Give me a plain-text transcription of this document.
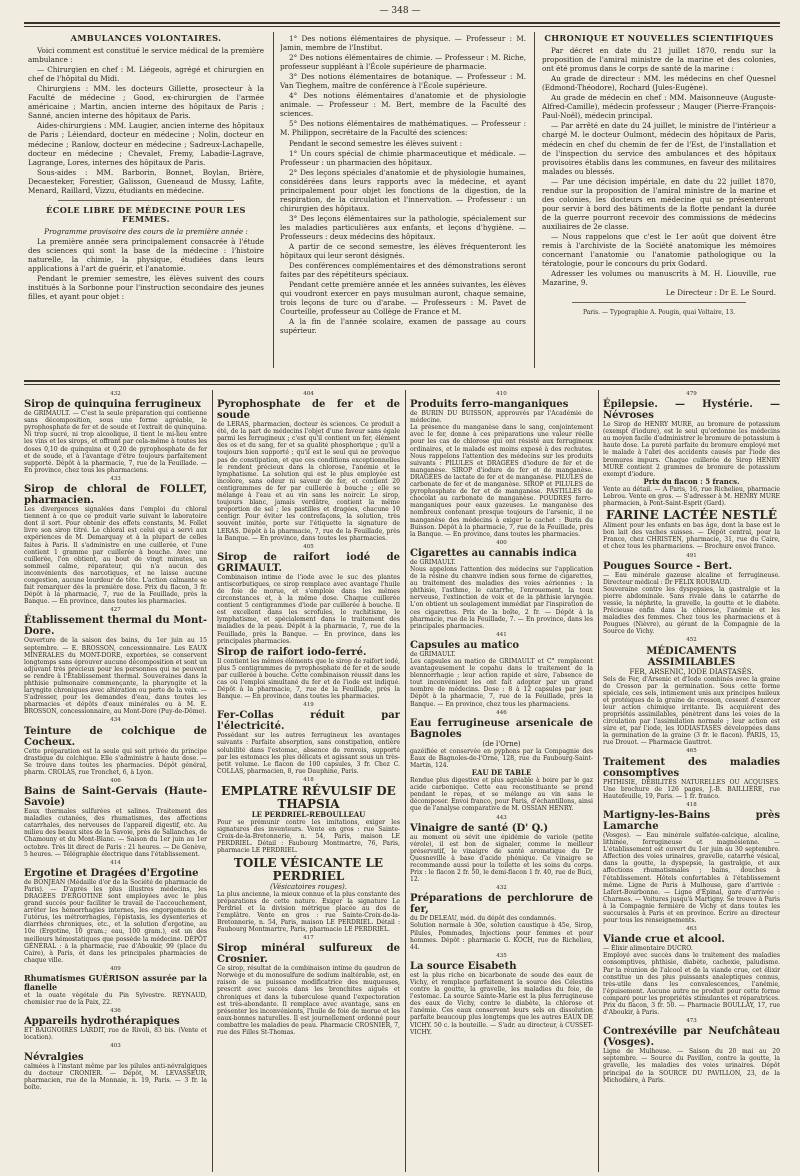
— 348 —
AMBULANCES VOLONTAIRES.

Voici comment est constitué le service médical de la première ambulance :

— Chirurgien en chef : M. Liégeois, agrégé et chirurgien en chef de l'hôpital du Midi.

Chirurgiens : MM. les docteurs Gillette, prosecteur à la Faculté de médecine ; Good, ex-chirurgien de l'armée américaine ; Martin, ancien interne des hôpitaux de Paris ; Sanné, ancien interne des hôpitaux de Paris.

Aides-chirurgiens : MM. Laugier, ancien interne des hôpitaux de Paris ; Léiendard, docteur en médecine ; Nolin, docteur en médecine ; Ranlow, docteur en médecine ; Sadreux-Lachapelle, docteur en médecine ; Chevalet, Fremy, Labadie-Lagrave, Lagrange, Lores, internes des hôpitaux de Paris.

Sous-aides : MM. Barborin, Bonnet, Boylan, Brière, Decaesteker, Forestier, Galisson, Gueneaud de Mussy, Lafite, Menard, Raillard, Vizzu, étudiants en médecine.

ÉCOLE LIBRE DE MÉDECINE POUR LES FEMMES.

Programme provisoire des cours de la première année :

La première année sera principalement consacrée à l'étude des sciences qui sont la base de la médecine : l'histoire naturelle, la chimie, la physique, étudiées dans leurs applications à l'art de guérir, et l'anatomie.

Pendant le premier semestre, les élèves suivent des cours institués à la Sorbonne pour l'instruction secondaire des jeunes filles, et ayant pour objet :

1° Des notions élémentaires de physique. — Professeur : M. Jamin, membre de l'Institut.

2° Des notions élémentaires de chimie. — Professeur : M. Riche, professeur suppléant à l'École supérieure de pharmacie.

3° Des notions élémentaires de botanique. — Professeur : M. Van Tieghem, maître de conférence à l'École supérieure.

4° Des notions élémentaires d'anatomie et de physiologie animale. — Professeur : M. Bert, membre de la Faculté des sciences.

5° Des notions élémentaires de mathématiques. — Professeur : M. Philippon, secrétaire de la Faculté des sciences:

Pendant le second semestre les élèves suivent :

1° Un cours spécial de chimie pharmaceutique et médicale. — Professeur : un pharmacien des hôpitaux.

2° Des leçons spéciales d'anatomie et de physiologie humaines, considérées dans leurs rapports avec la médecine, et ayant principalement pour objet les fonctions de la digestion, de la respiration, de la circulation et l'innervation. — Professeur : un chirurgien des hôpitaux.

3° Des leçons élémentaires sur la pathologie, spécialement sur les maladies particulières aux enfants, et leçons d'hygiène. — Professeurs : deux médecins des hôpitaux.

A partir de ce second semestre, les élèves fréquenteront les hôpitaux qui leur seront désignés.

Des conférences complémentaires et des démonstrations seront faites par des répétiteurs spéciaux.

Pendant cette première année et les années suivantes, les élèves qui voudront exercer en pays musulman auront, chaque semaine, trois leçons de turc ou d'arabe. — Professeurs : M. Pavet de Courteille, professeur au Collège de France et M.

A la fin de l'année scolaire, examen de passage au cours supérieur.

CHRONIQUE ET NOUVELLES SCIENTIFIQUES

Par décret en date du 21 juillet 1870, rendu sur la proposition de l'amiral ministre de la marine et des colonies, ont été promus dans le corps de santé de la marine :

Au grade de directeur : MM. les médecins en chef Quesnel (Edmond-Théodore), Rochard (Jules-Eugène).

Au grade de médecin en chef : MM. Maisonneuve (Auguste-Alfred-Camille), médecin professeur ; Mauger (Pierre-François-Paul-Noël), médecin principal.

— Par arrêté en date du 24 juillet, le ministre de l'intérieur a chargé M. le docteur Oulmont, médecin des hôpitaux de Paris, médecin en chef du chemin de fer de l'Est, de l'installation et de l'inspection du service des ambulances et des hôpitaux provisoires établis dans les communes, en faveur des militaires malades ou blessés.

— Par une décision impériale, en date du 22 juillet 1870, rendue sur la proposition de l'amiral ministre de la marine et des colonies, les docteurs en médecine qui se présenteront pour servir à bord des bâtiments de la flotte pendant la durée de la guerre pourront recevoir des commissions de médecins auxiliaires de 2e classe.

— Nous rappelons que c'est le 1er août que doivent être remis à l'archiviste de la Société anatomique les mémoires concernant l'anatomie ou l'anatomie pathologique ou la tératologie, pour le concours du prix Godard.

Adresser les volumes ou manuscrits à M. H. Liouville, rue Mazarine, 9.

Le Directeur : Dr E. Le Sourd.

Paris. — Typographie A. Pougin, quai Voltaire, 13.

432

Sirop de quinquina ferrugineux

de GRIMAULT. — C'est la seule préparation qui contienne sans décomposition, sous une forme agréable, le pyrophosphate de fer et de soude et l'extrait de quinquina. Ni trop sucré, ni trop alcoolique, il tient le mi-lieu entre les vins et les sirops, et offrant par cela-même à toutes les doses 0,10 de quinquina et 0,20 de pyrophosphate de fer et de soude, et à l'avantage d'être toujours parfaitement supporté. Dépôt à la pharmacie, 7, rue de la Feuillade. — En province, chez tous les pharmaciens.

433

Sirop de chloral de FOLLET, pharmacien.

Les divergences signalées dans l'emploi du chloral tiennent à ce que ce produit varie suivant le laboratoire dont il sort. Pour obtenir des effets constants, M. Follet livre son sirop titré. Le chloral est celui qui a servi aux expériences de M. Demarquay et à la plupart de celles faites à Paris. Il s'administre en une cuillerée, et l'une contient 1 gramme par cuillerée à bouche. Avec une cuillerée, l'on obtient, au bout de vingt minutes, un sommeil calme, réparateur, qui n'a aucun des inconvénients des narcotiques, et ne laisse aucune congestion, aucune lourdeur de tête. L'action calmante se fait remarquer dès la première dose. Prix du flacon, 3 fr. Dépôt à la pharmacie, 7, rue de la Feuillade, près la Banque. — En province, dans toutes les pharmacies.

427

Établissement thermal du Mont-Dore.

Ouverture de la saison des bains, du 1er juin au 15 septembre. — E. BROSSON, concessionnaire. Les EAUX MINÉRALES du MONT-DORE, exportées, se conservent longtemps sans éprouver aucune décomposition et sont un adjuvant très précieux pour les personnes qui ne peuvent se rendre à l'Établissement thermal. Souveraines dans la phthisie pulmonaire commençante, la pharyngite et la laryngite chroniques avec altération ou perte de la voix. — S'adresser, pour les demandes d'eau, dans toutes les pharmacies et dépôts d'eaux minérales ou à M. E. BROSSON, concessionnaire, au Mont-Dore (Puy-de-Dôme).

434

Teinture de colchique de Cocheux.

Cette préparation est la seule qui soit privée du principe drastique du colchique. Elle s'administre à haute dose. — Se trouve dans toutes les pharmacies. Dépôt général, pharm. CROLAS, rue Tronchet, 6, à Lyon.

406

Bains de Saint-Gervais (Haute-Savoie)

Eaux thermales sulfurées et salines. Traitement des maladies cutanées, des rhumatismes, des affections catarrhales, des nerveuses de l'appareil digestif, etc. Au milieu des beaux sites de la Savoie, près de Sallanches, de Chamouny et du Mont-Blanc. — Saison du 1er juin au 1er octobre. Très lit direct de Paris : 21 heures. — De Genève, 5 heures. — Télégraphie électrique dans l'établissement.

414

Ergotine et Dragées d'Ergotine

de BONJEAN (Médaille d'or de la Société de pharmacie de Paris). — D'après les plus illustres médecins, les DRAGÉES D'ERGOTINE sont employées avec le plus grand succès pour faciliter le travail de l'accouchement, arrêter les hémorrhagies internes, les engorgements de l'utérus, les métrorrhagies, l'épistaxis, les dysenteries et diarrhées chroniques, etc., et la solution d'ergotine, au 10e (Ergotine, 10 gram.; eau, 100 gram.), est un des meilleurs hémostatiques que possède la médecine. DÉPÔT GÉNÉRAL : à la pharmacie, rue d'Aboukir, 99 (place du Caire), à Paris, et dans les principales pharmacies de chaque ville.

409

Rhumatismes GUÉRISON assurée par la flanelle

et la ouate végétale du Pin Sylvestre. REYNAUD, chemisier rue de la Paix, 22.

436

Appareils hydrothérapiques

ET BAIGNOIRES LARDIT, rue de Rivoli, 83 bis. (Vente et location).

403

Névralgies

calmées à l'instant même par les pilules anti-névralgiques du docteur CRONIER. — Dépôt, M. LEVASSEUR, pharmacien, rue de la Monnaie, n. 19, Paris. — 3 fr. la boîte.

404

Pyrophosphate de fer et de soude

de LERAS, pharmacien, docteur ès sciences. Ce produit a été, de la part de médecins l'objet d'une faveur sans égale parmi les ferrugineux ; c'est qu'il contient un fer, élément des os et du sang, fer et sa qualité phosphorique ; qu'il a toujours bien supporté ; qu'il est le seul qui ne provoque pas de constipation, et que ces conditions exceptionnelles le rendent précieux dans la chlorose, l'anémie et le lymphatisme. La solution qui est le plus employée est incolore, sans odeur ni saveur de fer, et contient 20 centigrammes de fer par cuillerée à bouche ; elle se mélange à l'eau et au vin sans les noircir. Le sirop, toujours blanc, jamais verdâtre, contient la même proportion de sel ; les pastilles et dragées, chacune 10 centigr. Pour éviter les contrefaçons, la solution, très souvent imitée, porte sur l'étiquette la signature de LERAS. Dépôt à la pharmacie, 7, rue de la Feuillade, près la Banque. — En province, dans toutes les pharmacies.

405

Sirop de raifort iodé de GRIMAULT.

Combinaison intime de l'iode avec le suc des plantes antiscorbutiques, ce sirop remplace avec avantage l'huile de foie de morue, et s'emploie dans les mêmes circonstances et, à la même dose. Chaque cuillerée contient 5 centigrammes d'iode par cuillerée à bouche. Il est excellent dans les scrofules, le rachitisme, le lymphatisme, et spécialement dans le traitement des maladies de la peau. Dépôt à la pharmacie, 7, rue de la Feuillade, près la Banque. — En province, dans les principales pharmacies.

Sirop de raifort iodo-ferré.

Il contient les mêmes éléments que le sirop de raifort iodé, plus 5 centigrammes de pyrophosphate de fer et de soude par cuillerée à bouche. Cette combinaison réussit dans les cas où l'emploi simultané du fer et de l'iode est indiqué. Dépôt à la pharmacie, 7, rue de la Feuillade, près la Banque. — En province, dans toutes les pharmacies.

419

Fer-Collas réduit par l'électricité.

Possédant sur les autres ferrugineux les avantages suivants : Parfaite absorption, sans constipation, entière solubilité dans l'estomac, absence de renvois, supporté par les estomacs les plus délicats et agissant sous un très-petit volume. Le flacon de 100 capsules, 3 fr. Chez C. COLLAS, pharmacien, 8, rue Dauphine, Paris.

418

EMPLATRE RÉVULSIF DE THAPSIA

LE PERDRIEL-REBOULLEAU

Pour se prémunir contre les imitations, exiger les signatures des inventeurs. Vente en gros : rue Sainte-Croix-de-la-Bretonnerie, n. 54, Paris, maison LE PERDRIEL. Détail : Faubourg Montmartre, 76, Paris, pharmacie LE PERDRIEL.

TOILE VÉSICANTE LE PERDRIEL

(Vésicatoires rouges).

La plus ancienne, la mieux connue et la plus constante des préparations de cette nature. Exiger la signature Le Perdriel et la division métrique placée au dos de l'emplâtre. Vente en gros : rue Sainte-Croix-de-la-Bretonnerie, n. 54, Paris, maison LE PERDRIEL. Détail : Faubourg Montmartre, Paris, pharmacie LE PERDRIEL.

417

Sirop minéral sulfureux de Crosnier.

Ce sirop, résultat de la combinaison intime du gaudron de Norwège et du monosulfure de sodium inaltérable, est, en raison de sa puissance modificatrice des muqueuses, prescrit avec succès dans les bronchites aiguës et chroniques et dans la tuberculose quand l'expectoration est très-abondante. Il remplace avec avantage, sans en présenter les inconvénients, l'huile de foie de morue et les eaux-bonnes naturelles. Il est journellement ordonné pour combattre les maladies de peau. Pharmacie CROSNIER, 7, rue des Filles St-Thomas.

410

Produits ferro-manganiques

de BURIN DU BUISSON, approuvés par l'Académie de médecine.

La présence du manganèse dans le sang, conjointement avec le fer, donne à ces préparations une valeur réelle pour les cas de chlorose qui ont résisté aux ferrugineux ordinaires, et le malade est moins exposé à des rechutes. Nous rappelons l'attention des médecins sur les produits suivants : PILULES et DRAGÉES d'iodure de fer et de manganèse. SIROP d'iodure de fer et de manganèse. DRAGÉES de lactate de fer et de manganèse. PILULES de carbonate de fer et de manganèse. SIROP et PILULES de pyrophosphate de fer et de manganèse. PASTILLES de chocolat au carbonate de manganèse. POUDRES ferro-manganiques pour eaux gazeuses. Le manganèse des nombreux contenant presque toujours de l'arsenic, il ne manganèse des médecins à exiger le cachet : Burin du Buisson. Dépôt à la pharmacie, 7, rue de la Feuillade, près la Banque. — En province, dans toutes les pharmacies.

400

Cigarettes au cannabis indica

de GRIMAULT.

Nous appelons l'attention des médecins sur l'application de la résine du chanvre indien sous forme de cigarettes, au traitement des maladies des voies aériennes : la phthisie, l'asthme, le catarrhe, l'enrouement, la toux nerveuse, l'extinction de voix et de la phthisie laryngée. L'on obtient un soulagement immédiat par l'inspiration de ces cigarettes. Prix de la boîte, 2 fr. — Dépôt à la pharmacie, rue de la Feuillade, 7. — En province, dans les principales pharmacies.

441

Capsules au matico

de GRIMAULT.

Les capsules au matico de GRIMAULT et C° remplacent avantageusement le copahu dans le traitement de la blennorrhagie ; leur action rapide et sûre, l'absence de tout inconvénient les ont fait adopter par un grand nombre de médecins. Dose : 8 à 12 capsules par jour. Dépôt à la pharmacie, 7, rue de la Feuillade, près la Banque. — En province, chez tous les pharmaciens.

446

Eau ferrugineuse arsenicale de Bagnoles

(de l'Orne)

gazéifiée et conservée en pyphons par la Compagnie des Eaux de Bagnoles-de-l'Orne, 128, rue du Faubourg-Saint-Martin, 124.

EAU DE TABLE

Rendue plus digestive et plus agréable à boire par le gaz acide carbonique. Cette eau reconstituante se prend pendant le repas, et se mélange au vin sans le décomposer. Envoi franco, pour Paris, d'échantillons, ainsi que de l'analyse comparative de M. OSSIAN HENRY.

443

Vinaigre de santé (D' Q.)

au moment où sévit une épidémie de variole (petite vérole), il est bon de signaler, comme le meilleur préservatif, le vinaigre de santé aromatique du Dr Quesneville à base d'acide phénique. Ce vinaigre se recommande aussi pour la toilette et les soins du corps. Prix : le flacon 2 fr. 50, le demi-flacon 1 fr. 40, rue de Buci, 12.

432

Préparations de perchlorure de fer,

du Dr DELEAU, méd. du dépôt des condamnés.

Solution normale à 30e, solution caustique à 45e, Sirop, Pilules, Pommades, Injections pour femmes et pour hommes. Dépôt : pharmacie G. KOCH, rue de Richelieu, 44.

435

La source Eisabeth

est la plus riche en bicarbonate de soude des eaux de Vichy, et remplace parfaitement la source des Célestins contre la goutte, la gravelle, les maladies du foie, de l'estomac. La source Sainte-Marie est la plus ferrugineuse des eaux de Vichy, contre le diabète, la chlorose et l'anémie. Ces eaux conservent leurs sels en dissolution parfaite beaucoup plus longtemps que les autres EAUX DE VICHY. 50 c. la bouteille. — S'adr. au directeur, à CUSSET-VICHY.

479

Épilepsie. — Hystérie. — Névroses

Le Sirop de HENRY MURE, au bromure de potassium (exempt d'iodure), est le seul qu'ordonne les médecins au moyen facile d'administrer le bromure de potassium à haute dose. La pureté parfaite du bromure employé met le malade à l'abri des accidents causés par l'iode des bromures impurs. Chaque cuillerée de Sirop HENRY MURE contient 2 grammes de bromure de potassium exempt d'iodure.

Prix du flacon : 5 francs.

Vente au détail. — A Paris, 16, rue Richelieu, pharmacie Lebrou. Vente en gros. — S'adresser à M. HENRY MURE pharmacien, à Pont-Saint-Esprit (Gard).

FARINE LACTÉE NESTLÉ

Aliment pour les enfants en bas âge, dont la base est le bon lait des vaches suisses. — Dépôt central, pour la France, chez CHRISTEN, pharmacie, 31, rue du Caire, et chez tous les pharmaciens. — Brochure envoi franco.

491

Pougues Source - Bert.

— Eau minérale gazeuse alcaline et ferrugineuse. Directeur médical : Dr FÉLIX ROUBAUD.

Souveraine contre les dyspepsies, la gastralgie et la pierre abdominale. Sans rivale dans le catarrhe de vessie, la néphrite, la gravelle, la goutte et le diabète. Précieuse enfin dans la chlorose, l'anémie et les maladies des femmes. Chez tous les pharmaciens et à Pougues (Nièvre), au gérant de la Compagnie de la Source de Vichy.

452

MÉDICAMENTS ASSIMILABLES

FER, ARSENIC, IODE DIASTASÉS.

Sels de Fer, d'Arsenic et d'Iode combinés avec la graine de Cresson par la germination. Sous cette forme spéciale, ces sels, intimement unis aux principes huileux et protéiques de la graine de cresson, cessent d'exercer leur action chimique irritante. Ils acquièrent des propriétés assimilables, pénètrent dans les voies de la circulation par l'assimilation normale ; leur action est sûre et, par l'iode, les IODIASTASÉS développées dans la germination de la graine (3 fr. le flacon). PARIS, 15, rue Drouot. — Pharmacie Gauttrot.

465

Traitement des maladies consomptives

PHTHISIE, DÉBILITÉS NATURELLES OU ACQUISES. Une brochure de 126 pages, J.-B. BAILLIÈRE, rue Hautefeuille, 19, Paris. — 1 fr. franco.

418

Martigny-les-Bains près Lamarche

(Vosges). — Eau minérale sulfatée-calcique, alcaline, lithinée, ferrugineuse et magnésienne. — L'établissement est ouvert du 1er juin au 30 septembre. Affection des voies urinaires, gravelle, catarrhe vésical, dans la goutte, la dyspepsie, la gastralgie, et aux affections rhumatismales ; bains, douches à l'établissement. Hôtels confortables à l'établissement même. Ligne de Paris à Mulhouse, gare d'arrivée : Lafert-Bourbonne. — Ligne d'Épinal, gare d'arrivée : Charmes. — Voitures jusqu'à Martigny. Se trouve à Paris à la Compagnie fermière de Vichy et dans toutes les succursales à Paris et en province. Écrire au directeur pour tous les renseignements.

463

Viande crue et alcool.

— Élixir alimentaire DUCRO.

Employé avec succès dans le traitement des maladies consomptives, phthisie, diabète, cachexie, paludisme. Par la réunion de l'alcool et de la viande crue, cet élixir constitue un des plus puissants analeptiques connus, très-utile dans les convalescences, l'anémie, l'épuisement. Aucune autre ne produit pour cette forme comparé pour les propriétés stimulantes et réparatrices. Prix du flacon, 3 fr. 50. — Pharmacie BOULLAY, 17, rue d'Aboukir, à Paris.

473

Contrexéville par Neufchâteau (Vosges).

Ligne de Mulhouse. — Saison du 20 mai au 20 septembre. — Source du Pavillon, contre la goutte, la gravelle, les maladies des voies urinaires. Dépôt principal de la SOURCE DU PAVILLON, 23, de la Michodière, à Paris.
